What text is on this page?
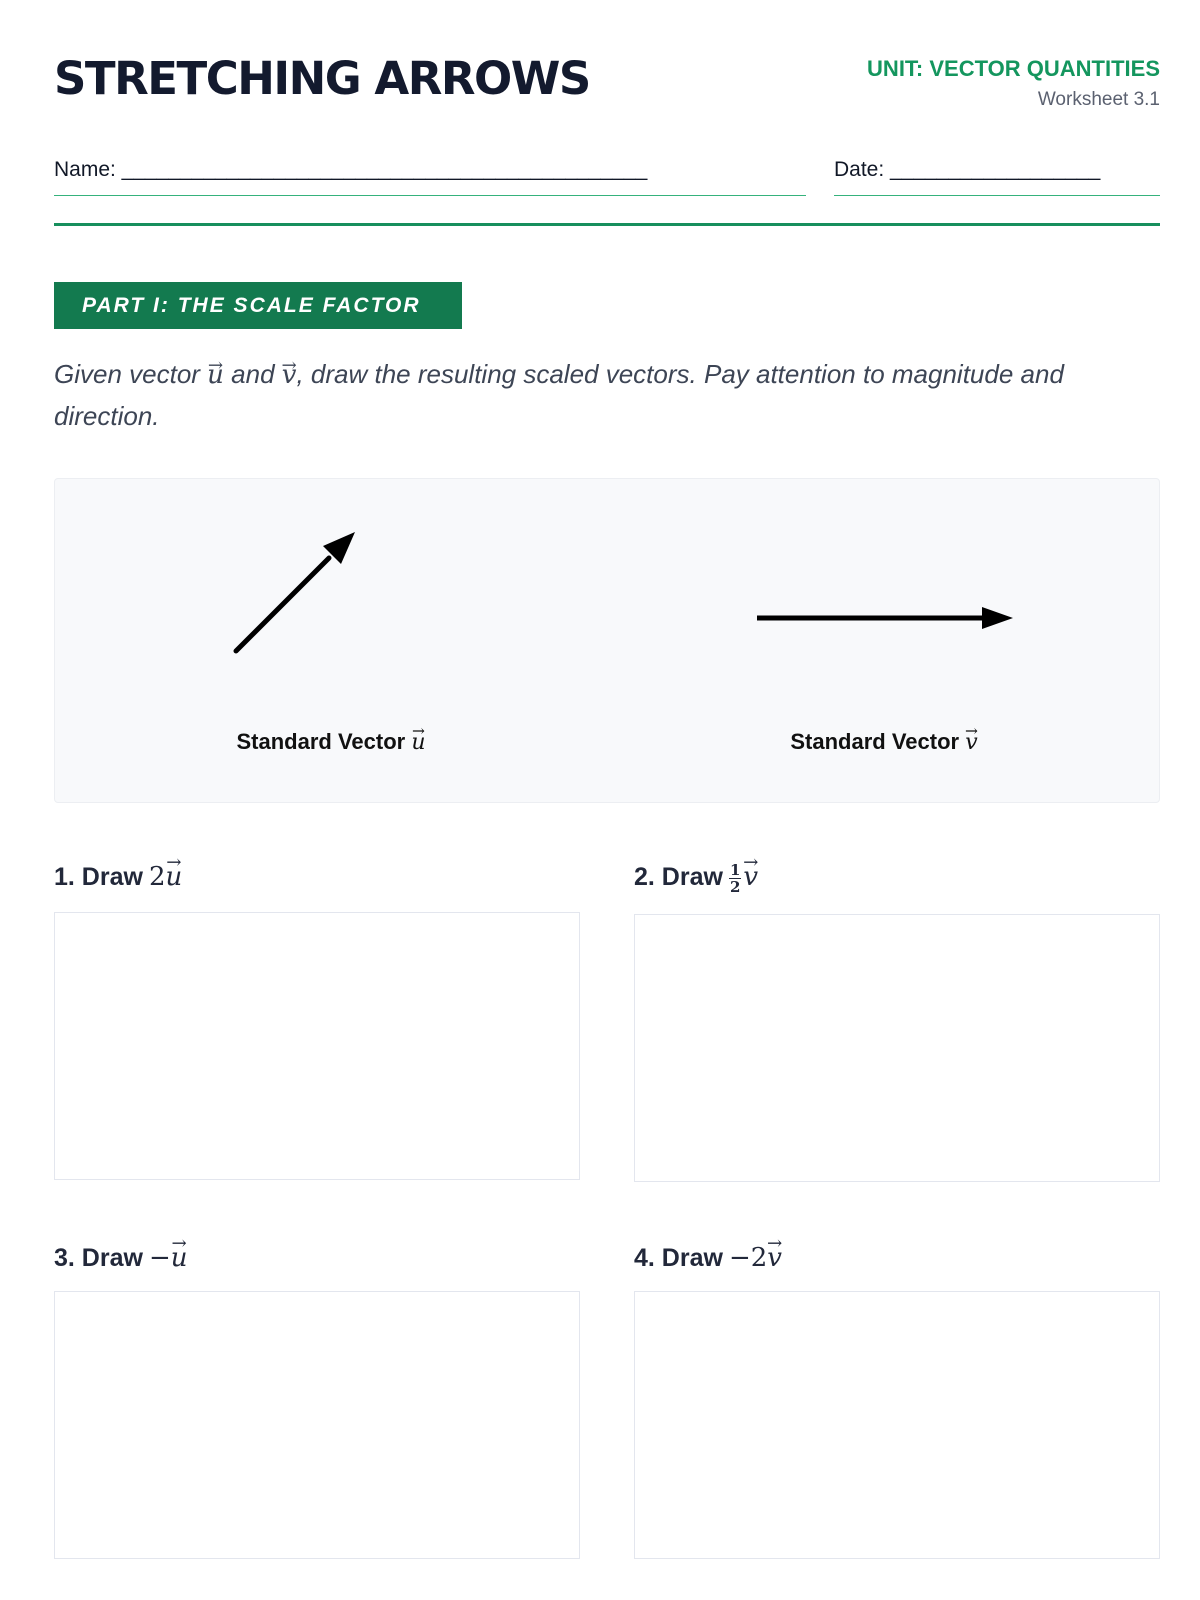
STRETCHING ARROWS	UNIT: VECTOR QUANTITIES
Worksheet 3.1
Name: _____________________________________________	Date: __________________
PART I: THE SCALE FACTOR
Given vector → u and → v, draw the resulting scaled vectors. Pay attention to magnitude and direction.
Standard Vector → u	Standard Vector → v
1. Draw 2→ u	2. Draw $\frac{1}{2}$
→ v
3. Draw −→ u	4. Draw −2→ v
